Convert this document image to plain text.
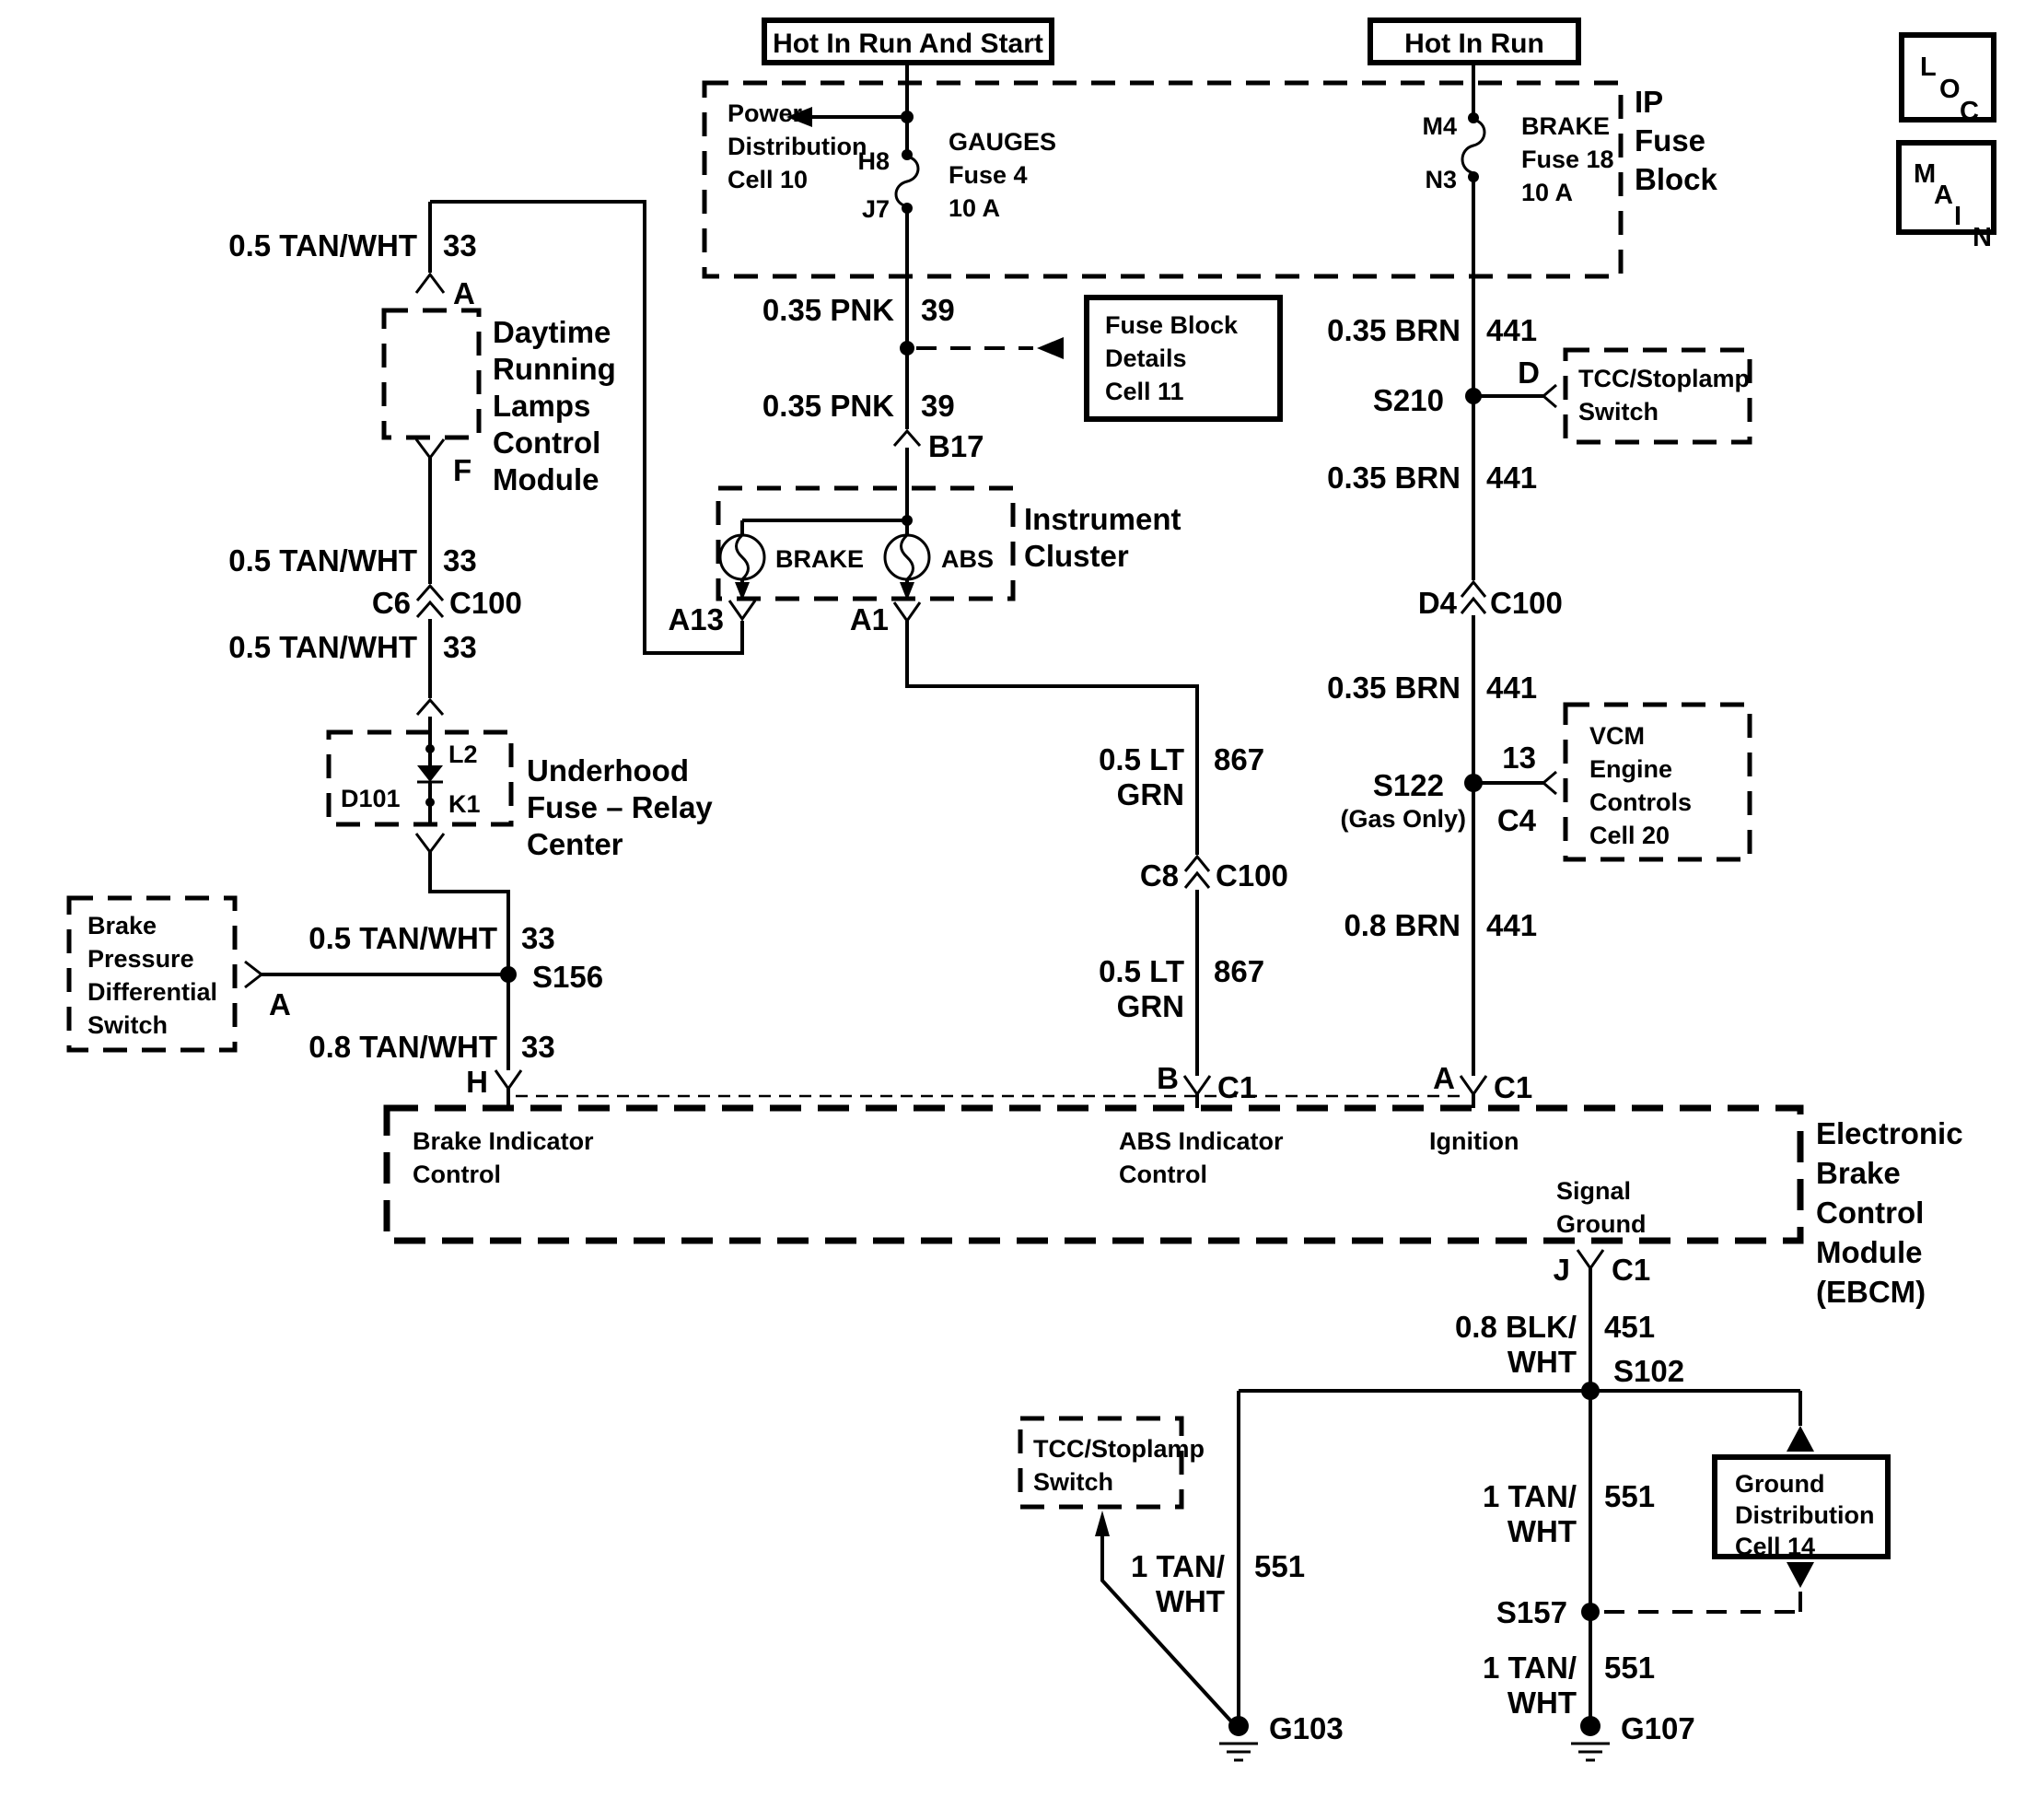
Hot In Run And Start	Hot In Run
Power
Distribution
Cell 10
H8
J7
GAUGES
Fuse 4
10 A
M4
N3
BRAKE
Fuse 18
10 A
IP
Fuse
Block
0.5 TAN/WHT 33
A
Daytime
Running
Lamps
Control
Module
F
0.5 TAN/WHT 33
C6 C100
0.5 TAN/WHT 33
D101
L2
K1
Underhood
Fuse – Relay
Center
Brake
Pressure
Differential
Switch
A
0.5 TAN/WHT 33
S156
0.8 TAN/WHT 33
H
0.35 PNK 39
0.35 PNK 39
B17
Fuse Block
Details
Cell 11
Instrument
Cluster
BRAKE	ABS
A13	A1
0.5 LT
GRN
867
C8 C100
0.5 LT
GRN
867
B C1
0.35 BRN 441
S210
D TCC/Stoplamp
Switch
0.35 BRN 441
D4 C100
0.35 BRN 441
S122
(Gas Only)
13
C4
VCM
Engine
Controls
Cell 20
0.8 BRN 441
A C1
Brake Indicator
Control
ABS Indicator
Control
Ignition
Signal
Ground
Electronic
Brake
Control
Module
(EBCM)
J C1
0.8 BLK/
WHT
451
S102
1 TAN/
WHT
551
S157
1 TAN/
WHT
551
G107
1 TAN/
WHT
551
G103
Ground
Distribution
Cell 14
TCC/Stoplamp
Switch
L
O
C
M
A
I
N
